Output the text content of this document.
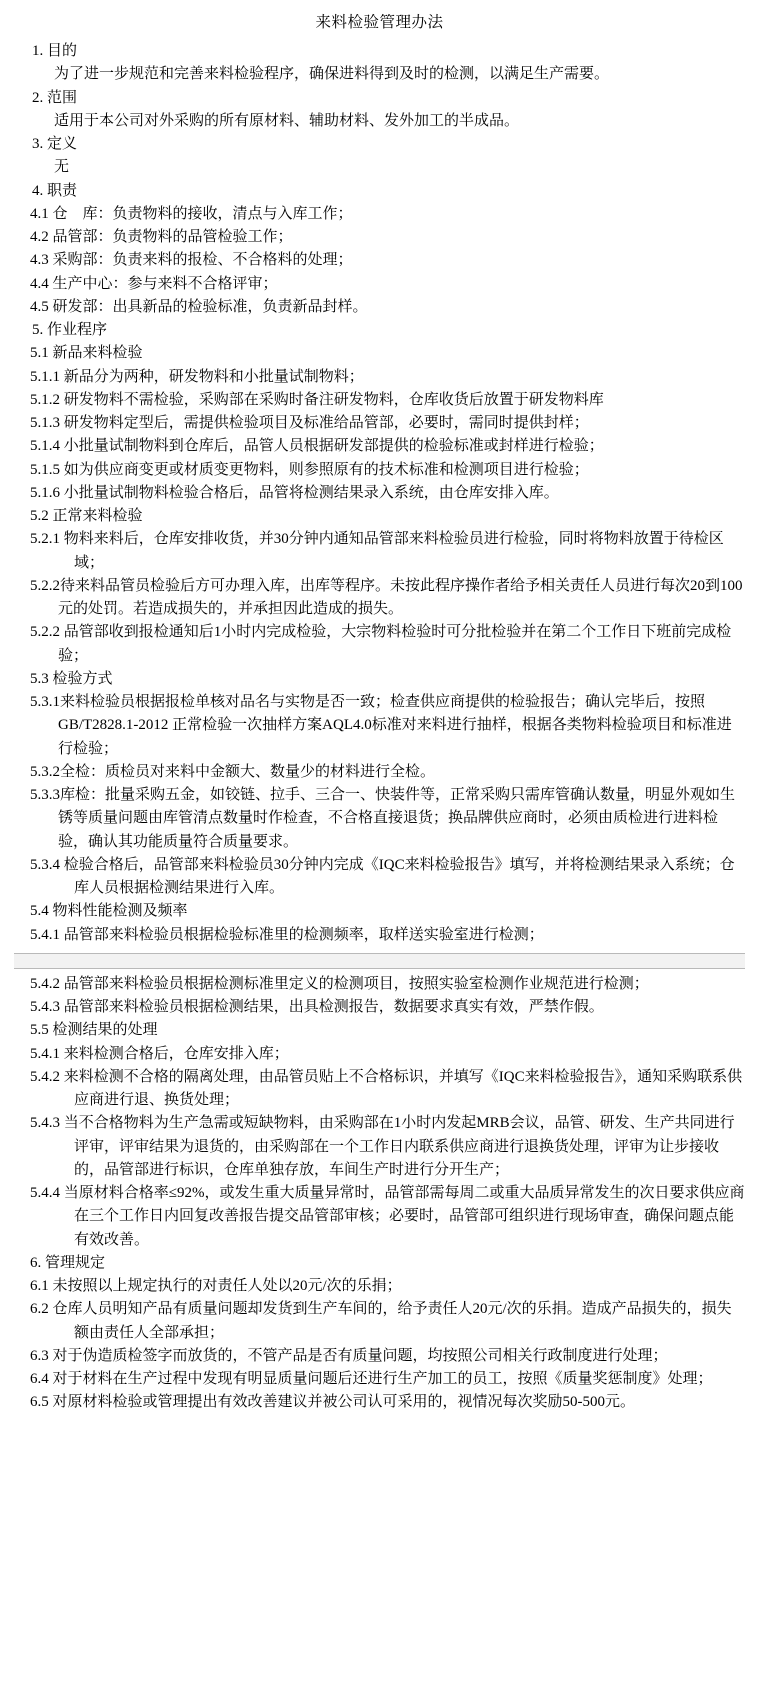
来料检验管理办法

1. 目的

为了进一步规范和完善来料检验程序，确保进料得到及时的检测，以满足生产需要。

2. 范围

适用于本公司对外采购的所有原材料、辅助材料、发外加工的半成品。

3. 定义

无

4. 职责

4.1 仓　库：负责物料的接收，清点与入库工作；

4.2 品管部：负责物料的品管检验工作；

4.3 采购部：负责来料的报检、不合格料的处理；

4.4 生产中心：参与来料不合格评审；

4.5 研发部：出具新品的检验标准，负责新品封样。

5. 作业程序

5.1 新品来料检验

5.1.1 新品分为两种，研发物料和小批量试制物料；

5.1.2 研发物料不需检验，采购部在采购时备注研发物料，仓库收货后放置于研发物料库

5.1.3 研发物料定型后，需提供检验项目及标准给品管部，必要时，需同时提供封样；

5.1.4 小批量试制物料到仓库后，品管人员根据研发部提供的检验标准或封样进行检验；

5.1.5 如为供应商变更或材质变更物料，则参照原有的技术标准和检测项目进行检验；

5.1.6 小批量试制物料检验合格后，品管将检测结果录入系统，由仓库安排入库。

5.2 正常来料检验

5.2.1 物料来料后，仓库安排收货，并30分钟内通知品管部来料检验员进行检验，同时将物料放置于待检区域；

5.2.2待来料品管员检验后方可办理入库，出库等程序。未按此程序操作者给予相关责任人员进行每次20到100元的处罚。若造成损失的，并承担因此造成的损失。

5.2.2 品管部收到报检通知后1小时内完成检验，大宗物料检验时可分批检验并在第二个工作日下班前完成检验；

5.3 检验方式

5.3.1来料检验员根据报检单核对品名与实物是否一致；检查供应商提供的检验报告；确认完毕后，按照GB/T2828.1-2012 正常检验一次抽样方案AQL4.0标准对来料进行抽样，根据各类物料检验项目和标准进行检验；

5.3.2全检：质检员对来料中金额大、数量少的材料进行全检。

5.3.3库检：批量采购五金，如铰链、拉手、三合一、快装件等，正常采购只需库管确认数量，明显外观如生锈等质量问题由库管清点数量时作检查，不合格直接退货；换品牌供应商时，必须由质检进行进料检验，确认其功能质量符合质量要求。

5.3.4 检验合格后，品管部来料检验员30分钟内完成《IQC来料检验报告》填写，并将检测结果录入系统；仓库人员根据检测结果进行入库。

5.4 物料性能检测及频率

5.4.1 品管部来料检验员根据检验标准里的检测频率，取样送实验室进行检测；

5.4.2 品管部来料检验员根据检测标准里定义的检测项目，按照实验室检测作业规范进行检测；

5.4.3 品管部来料检验员根据检测结果，出具检测报告，数据要求真实有效，严禁作假。

5.5 检测结果的处理

5.4.1 来料检测合格后，仓库安排入库；

5.4.2 来料检测不合格的隔离处理，由品管员贴上不合格标识，并填写《IQC来料检验报告》，通知采购联系供应商进行退、换货处理；

5.4.3 当不合格物料为生产急需或短缺物料，由采购部在1小时内发起MRB会议，品管、研发、生产共同进行评审，评审结果为退货的，由采购部在一个工作日内联系供应商进行退换货处理，评审为让步接收的，品管部进行标识，仓库单独存放，车间生产时进行分开生产；

5.4.4 当原材料合格率≤92%，或发生重大质量异常时，品管部需每周二或重大品质异常发生的次日要求供应商在三个工作日内回复改善报告提交品管部审核；必要时，品管部可组织进行现场审查，确保问题点能有效改善。

6. 管理规定

6.1 未按照以上规定执行的对责任人处以20元/次的乐捐；

6.2 仓库人员明知产品有质量问题却发货到生产车间的，给予责任人20元/次的乐捐。造成产品损失的，损失额由责任人全部承担；

6.3 对于伪造质检签字而放货的，不管产品是否有质量问题，均按照公司相关行政制度进行处理；

6.4 对于材料在生产过程中发现有明显质量问题后还进行生产加工的员工，按照《质量奖惩制度》处理；

6.5 对原材料检验或管理提出有效改善建议并被公司认可采用的，视情况每次奖励50-500元。
